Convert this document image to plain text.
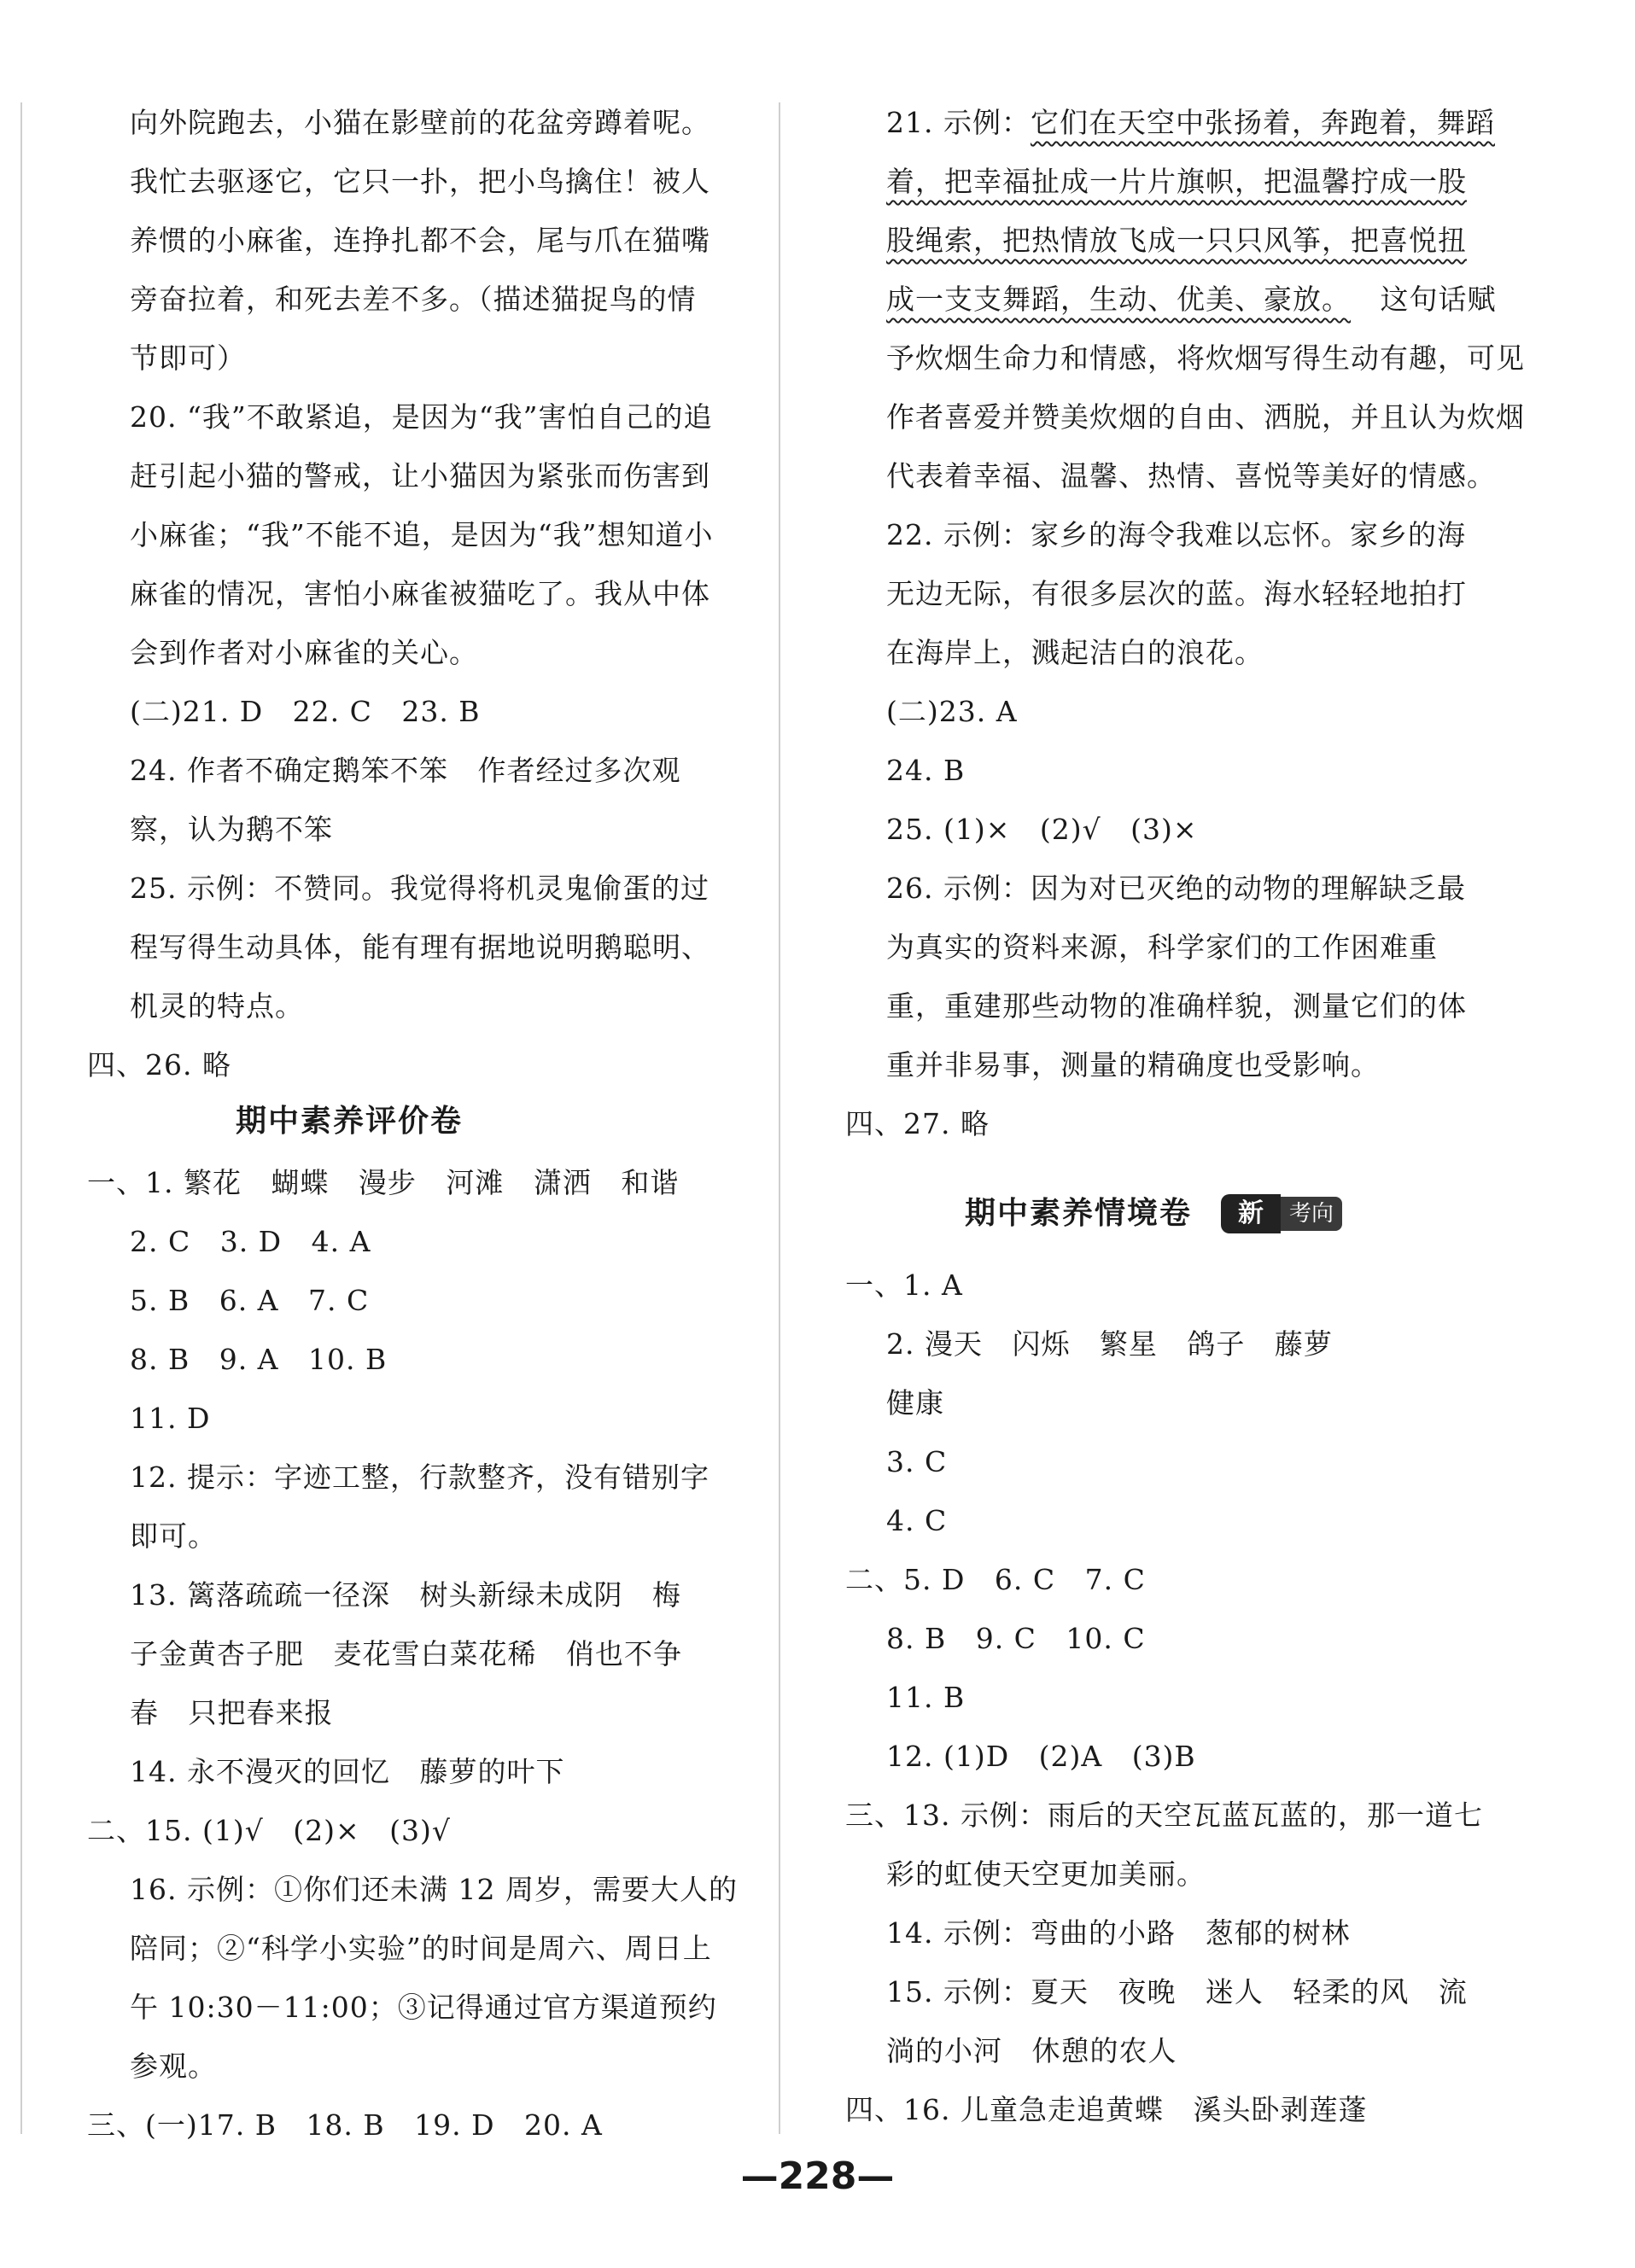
向外院跑去，小猫在影壁前的花盆旁蹲着呢。
我忙去驱逐它，它只一扑，把小鸟擒住！被人
养惯的小麻雀，连挣扎都不会，尾与爪在猫嘴
旁奋拉着，和死去差不多。（描述猫捉鸟的情
节即可）
20. “我”不敢紧追，是因为“我”害怕自己的追
赶引起小猫的警戒，让小猫因为紧张而伤害到
小麻雀；“我”不能不追，是因为“我”想知道小
麻雀的情况，害怕小麻雀被猫吃了。我从中体
会到作者对小麻雀的关心。
(二)21. D   22. C   23. B
24. 作者不确定鹅笨不笨   作者经过多次观
察，认为鹅不笨
25. 示例：不赞同。我觉得将机灵鬼偷蛋的过
程写得生动具体，能有理有据地说明鹅聪明、
机灵的特点。
四、26. 略
期中素养评价卷
一、1. 繁花   蝴蝶   漫步   河滩   潇洒   和谐
2. C   3. D   4. A
5. B   6. A   7. C
8. B   9. A   10. B
11. D
12. 提示：字迹工整，行款整齐，没有错别字
即可。
13. 篱落疏疏一径深   树头新绿未成阴   梅
子金黄杏子肥   麦花雪白菜花稀   俏也不争
春   只把春来报
14. 永不漫灭的回忆   藤萝的叶下
二、15. (1)√   (2)×   (3)√
16. 示例：①你们还未满 12 周岁，需要大人的
陪同；②“科学小实验”的时间是周六、周日上
午 10:30－11:00；③记得通过官方渠道预约
参观。
三、(一)17. B   18. B   19. D   20. A
21. 示例：它们在天空中张扬着，奔跑着，舞蹈
着，把幸福扯成一片片旗帜，把温馨拧成一股
股绳索，把热情放飞成一只只风筝，把喜悦扭
成一支支舞蹈，生动、优美、豪放。   这句话赋
予炊烟生命力和情感，将炊烟写得生动有趣，可见
作者喜爱并赞美炊烟的自由、洒脱，并且认为炊烟
代表着幸福、温馨、热情、喜悦等美好的情感。
22. 示例：家乡的海令我难以忘怀。家乡的海
无边无际，有很多层次的蓝。海水轻轻地拍打
在海岸上，溅起洁白的浪花。
(二)23. A
24. B
25. (1)×   (2)√   (3)×
26. 示例：因为对已灭绝的动物的理解缺乏最
为真实的资料来源，科学家们的工作困难重
重，重建那些动物的准确样貌，测量它们的体
重并非易事，测量的精确度也受影响。
四、27. 略
期中素养情境卷
一、1. A
2. 漫天   闪烁   繁星   鸽子   藤萝
健康
3. C
4. C
二、5. D   6. C   7. C
8. B   9. C   10. C
11. B
12. (1)D   (2)A   (3)B
三、13. 示例：雨后的天空瓦蓝瓦蓝的，那一道七
彩的虹使天空更加美丽。
14. 示例：弯曲的小路   葱郁的树林
15. 示例：夏天   夜晚   迷人   轻柔的风   流
淌的小河   休憩的农人
四、16. 儿童急走追黄蝶   溪头卧剥莲蓬
新	考向
—228—
